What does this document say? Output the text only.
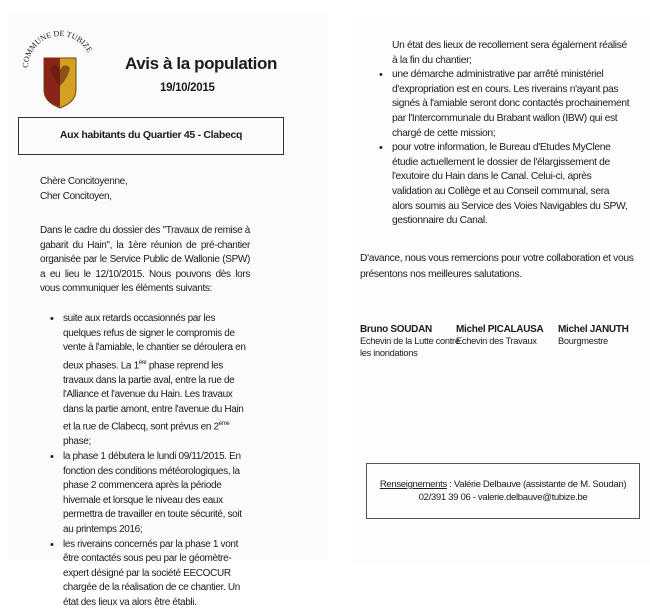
COMMUNE DE TUBIZE
Avis à la population
19/10/2015
Aux habitants du Quartier 45 - Clabecq
Chère Concitoyenne,
Cher Concitoyen,
Dans le cadre du dossier des "Travaux de remise à gabarit du Hain", la 1ère réunion de pré-chantier organisée par le Service Public de Wallonie (SPW) a eu lieu le 12/10/2015. Nous pouvons dès lors vous communiquer les éléments suivants:
• suite aux retards occasionnés par les quelques refus de signer le compromis de vente à l'amiable, le chantier se déroulera en deux phases. La 1ère phase reprend les travaux dans la partie aval, entre la rue de l'Alliance et l'avenue du Hain. Les travaux dans la partie amont, entre l'avenue du Hain et la rue de Clabecq, sont prévus en 2ème phase;
• la phase 1 débutera le lundi 09/11/2015. En fonction des conditions météorologiques, la phase 2 commencera après la période hivernale et lorsque le niveau des eaux permettra de travailler en toute sécurité, soit au printemps 2016;
• les riverains concernés par la phase 1 vont être contactés sous peu par le géomètre-expert désigné par la société EECOCUR chargée de la réalisation de ce chantier. Un état des lieux va alors être établi.
Un état des lieux de recollement sera également réalisé à la fin du chantier;
• une démarche administrative par arrêté ministériel d'expropriation est en cours. Les riverains n'ayant pas signés à l'amiable seront donc contactés prochainement par l'Intercommunale du Brabant wallon (IBW) qui est chargé de cette mission;
• pour votre information, le Bureau d'Etudes MyClene étudie actuellement le dossier de l'élargissement de l'exutoire du Hain dans le Canal. Celui-ci, après validation au Collège et au Conseil communal, sera alors soumis au Service des Voies Navigables du SPW, gestionnaire du Canal.
D'avance, nous vous remercions pour votre collaboration et vous présentons nos meilleures salutations.
Bruno SOUDAN
Echevin de la Lutte contre les inondations
Michel PICALAUSA
Echevin des Travaux
Michel JANUTH
Bourgmestre
Renseignements : Valérie Delbauve (assistante de M. Soudan)
02/391 39 06 - valerie.delbauve@tubize.be
